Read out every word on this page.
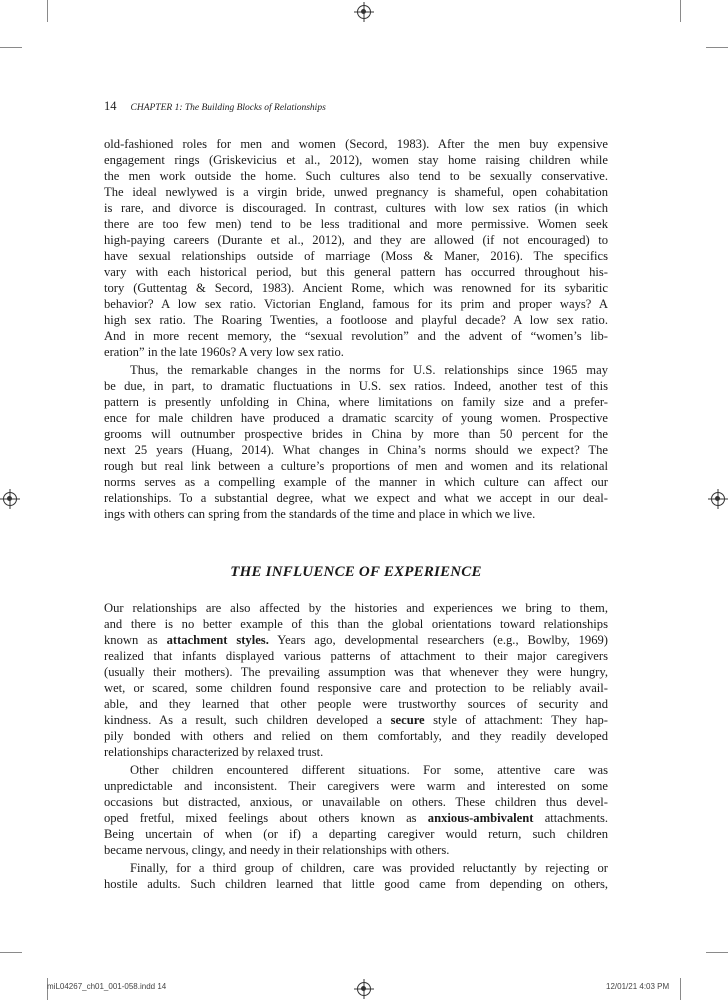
14 CHAPTER 1: The Building Blocks of Relationships
old-fashioned roles for men and women (Secord, 1983). After the men buy expensive
engagement rings (Griskevicius et al., 2012), women stay home raising children while
the men work outside the home. Such cultures also tend to be sexually conservative.
The ideal newlywed is a virgin bride, unwed pregnancy is shameful, open cohabitation
is rare, and divorce is discouraged. In contrast, cultures with low sex ratios (in which
there are too few men) tend to be less traditional and more permissive. Women seek
high-paying careers (Durante et al., 2012), and they are allowed (if not encouraged) to
have sexual relationships outside of marriage (Moss & Maner, 2016). The specifics
vary with each historical period, but this general pattern has occurred throughout his-
tory (Guttentag & Secord, 1983). Ancient Rome, which was renowned for its sybaritic
behavior? A low sex ratio. Victorian England, famous for its prim and proper ways? A
high sex ratio. The Roaring Twenties, a footloose and playful decade? A low sex ratio.
And in more recent memory, the “sexual revolution” and the advent of “women’s lib-
eration” in the late 1960s? A very low sex ratio.
Thus, the remarkable changes in the norms for U.S. relationships since 1965 may
be due, in part, to dramatic fluctuations in U.S. sex ratios. Indeed, another test of this
pattern is presently unfolding in China, where limitations on family size and a prefer-
ence for male children have produced a dramatic scarcity of young women. Prospective
grooms will outnumber prospective brides in China by more than 50 percent for the
next 25 years (Huang, 2014). What changes in China’s norms should we expect? The
rough but real link between a culture’s proportions of men and women and its relational
norms serves as a compelling example of the manner in which culture can affect our
relationships. To a substantial degree, what we expect and what we accept in our deal-
ings with others can spring from the standards of the time and place in which we live.
THE INFLUENCE OF EXPERIENCE
Our relationships are also affected by the histories and experiences we bring to them,
and there is no better example of this than the global orientations toward relationships
known as attachment styles. Years ago, developmental researchers (e.g., Bowlby, 1969)
realized that infants displayed various patterns of attachment to their major caregivers
(usually their mothers). The prevailing assumption was that whenever they were hungry,
wet, or scared, some children found responsive care and protection to be reliably avail-
able, and they learned that other people were trustworthy sources of security and
kindness. As a result, such children developed a secure style of attachment: They hap-
pily bonded with others and relied on them comfortably, and they readily developed
relationships characterized by relaxed trust.
Other children encountered different situations. For some, attentive care was
unpredictable and inconsistent. Their caregivers were warm and interested on some
occasions but distracted, anxious, or unavailable on others. These children thus devel-
oped fretful, mixed feelings about others known as anxious-ambivalent attachments.
Being uncertain of when (or if) a departing caregiver would return, such children
became nervous, clingy, and needy in their relationships with others.
Finally, for a third group of children, care was provided reluctantly by rejecting or
hostile adults. Such children learned that little good came from depending on others,
miL04267_ch01_001-058.indd 14	12/01/21 4:03 PM
